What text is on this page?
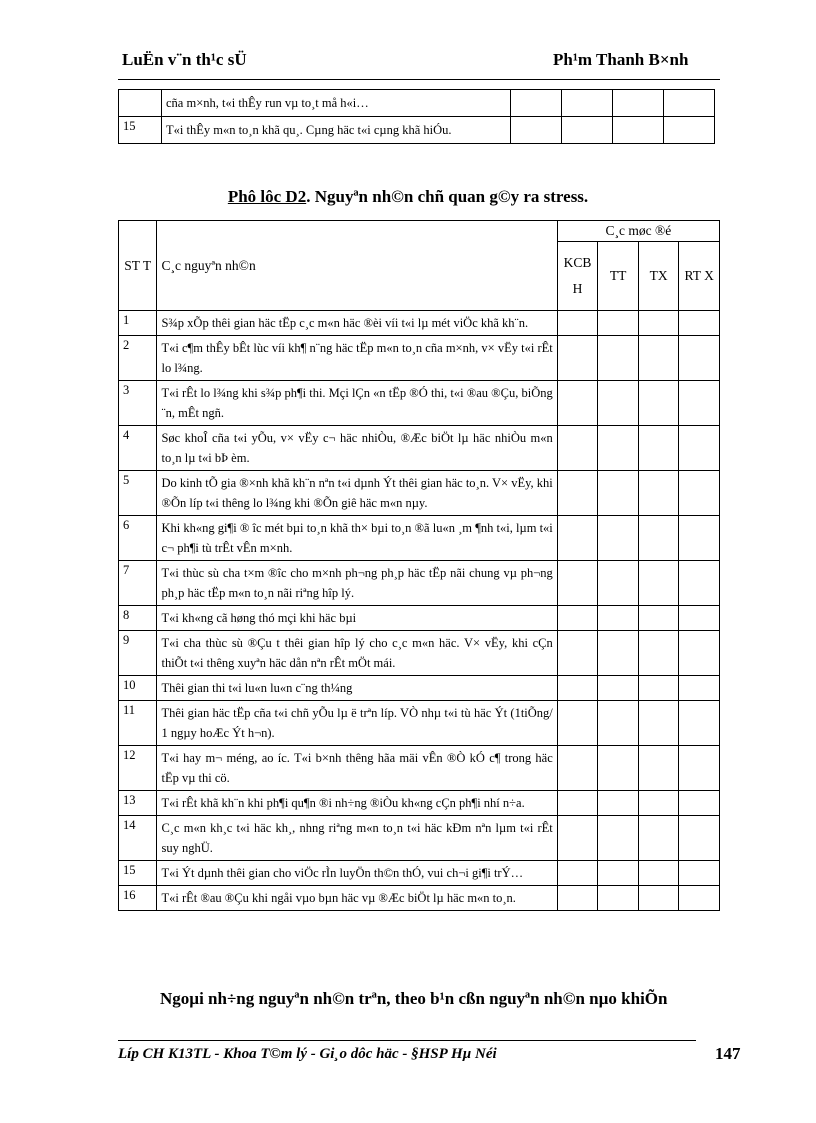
LuËn v¨n th¹c sÜ	Ph¹m Thanh B×nh
	cña m×nh, t«i thÊy run vµ to¸t må h«i…				
15	T«i thÊy m«n to¸n khã qu¸. Cµng häc t«i cµng khã hiÓu.				
Phô lôc D2. Nguyªn nh©n chñ quan g©y ra stress.
ST T	C¸c nguyªn nh©n	C¸c møc ®é			
		KCB H	TT	TX	RT X
1	S¾p xÕp thêi gian häc tËp c¸c m«n häc ®èi víi t«i lµ mét viÖc khã kh¨n.				
2	T«i c¶m thÊy bÊt lùc víi kh¶ n¨ng häc tËp m«n to¸n cña m×nh, v× vËy t«i rÊt lo l¾ng.				
3	T«i rÊt lo l¾ng khi s¾p ph¶i thi. Mçi lÇn «n tËp ®Ó thi, t«i ®au ®Çu, biÕng ¨n, mÊt ngñ.				
4	Søc khoÎ cña t«i yÕu, v× vËy c¬ häc nhiÒu, ®Æc biÖt lµ häc nhiÒu m«n to¸n lµ t«i bÞ èm.				
5	Do kinh tÕ gia ®×nh khã kh¨n nªn t«i dµnh Ýt thêi gian häc to¸n. V× vËy, khi ®Õn líp t«i thêng lo l¾ng khi ®Õn giê häc m«n nµy.				
6	Khi kh«ng gi¶i ® îc mét bµi to¸n khã th× bµi to¸n ®ã lu«n ¸m ¶nh t«i, lµm t«i c¬ ph¶i tù trÊt vÊn m×nh.				
7	T«i thùc sù cha t×m ®îc cho m×nh ph¬ng ph¸p häc tËp nãi chung vµ ph¬ng ph¸p häc tËp m«n to¸n nãi riªng hîp lý.				
8	T«i kh«ng cã høng thó mçi khi häc bµi				
9	T«i cha thùc sù ®Çu t thêi gian hîp lý cho c¸c m«n häc. V× vËy, khi cÇn thiÕt t«i thêng xuyªn häc dån nªn rÊt mÖt mái.				
10	Thêi gian thi t«i lu«n lu«n c¨ng th¼ng				
11	Thêi gian häc tËp cña t«i chñ yÕu lµ ë trªn líp. VÒ nhµ t«i tù häc Ýt (1tiÕng/ 1 ngµy hoÆc Ýt h¬n).				
12	T«i hay m¬ méng, ao íc. T«i b×nh thêng hãa mäi vÊn ®Ò kÓ c¶ trong häc tËp vµ thi cö.				
13	T«i rÊt khã kh¨n khi ph¶i qu¶n ®i nh÷ng ®iÒu kh«ng cÇn ph¶i nhí n÷a.				
14	C¸c m«n kh¸c t«i häc kh¸, nhng riªng m«n to¸n t«i häc kÐm nªn lµm t«i rÊt suy nghÜ.				
15	T«i Ýt dµnh thêi gian cho viÖc rÌn luyÖn th©n thÓ, vui ch¬i gi¶i trÝ…				
16	T«i rÊt ®au ®Çu khi ngåi vµo bµn häc vµ ®Æc biÖt lµ häc m«n to¸n.				
Ngoµi nh÷ng nguyªn nh©n trªn, theo b¹n cßn nguyªn nh©n nµo khiÕn
Líp CH K13TL - Khoa T©m lý - Gi¸o dôc häc - §HSP Hµ Néi	147
